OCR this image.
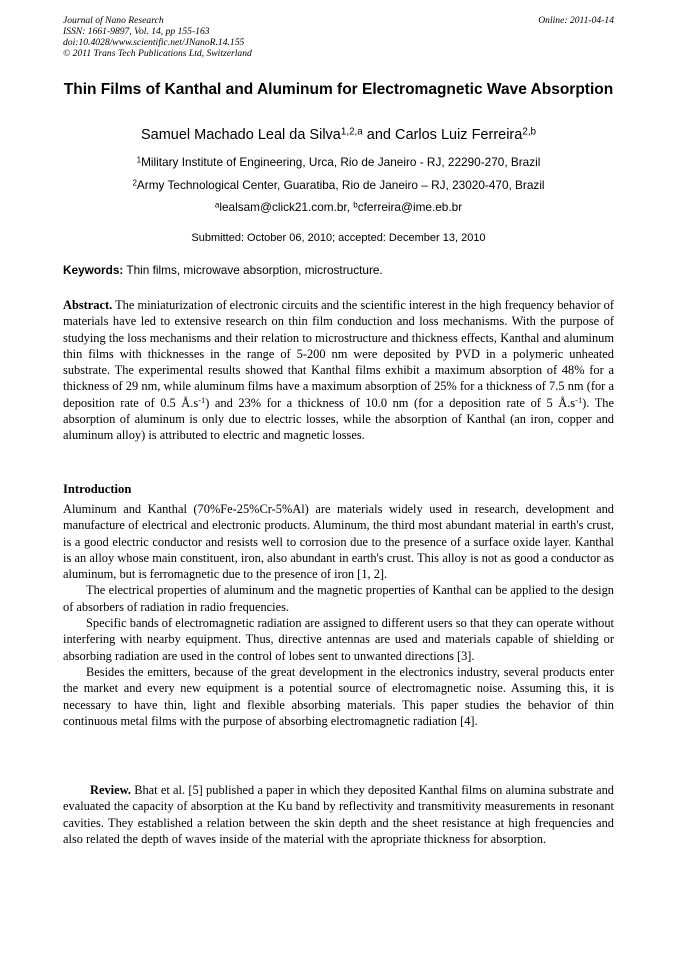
Journal of Nano Research
ISSN: 1661-9897, Vol. 14, pp 155-163
doi:10.4028/www.scientific.net/JNanoR.14.155
© 2011 Trans Tech Publications Ltd, Switzerland
Online: 2011-04-14
Thin Films of Kanthal and Aluminum for Electromagnetic Wave Absorption
Samuel Machado Leal da Silva$^{1,2,a}$ and Carlos Luiz Ferreira$^{2,b}$
$^1$Military Institute of Engineering, Urca, Rio de Janeiro - RJ, 22290-270, Brazil
$^2$Army Technological Center, Guaratiba, Rio de Janeiro – RJ, 23020-470, Brazil
$^a$lealsam@click21.com.br, $^b$cferreira@ime.eb.br
Submitted: October 06, 2010; accepted: December 13, 2010
Keywords: Thin films, microwave absorption, microstructure.
Abstract. The miniaturization of electronic circuits and the scientific interest in the high frequency behavior of materials have led to extensive research on thin film conduction and loss mechanisms. With the purpose of studying the loss mechanisms and their relation to microstructure and thickness effects, Kanthal and aluminum thin films with thicknesses in the range of 5-200 nm were deposited by PVD in a polymeric unheated substrate. The experimental results showed that Kanthal films exhibit a maximum absorption of 48% for a thickness of 29 nm, while aluminum films have a maximum absorption of 25% for a thickness of 7.5 nm (for a deposition rate of 0.5 $Å.s^{-1}$) and 23% for a thickness of 10.0 nm (for a deposition rate of 5 $Å.s^{-1}$). The absorption of aluminum is only due to electric losses, while the absorption of Kanthal (an iron, copper and aluminum alloy) is attributed to electric and magnetic losses.
Introduction

Aluminum and Kanthal (70%Fe-25%Cr-5%Al) are materials widely used in research, development and manufacture of electrical and electronic products. Aluminum, the third most abundant material in earth's crust, is a good electric conductor and resists well to corrosion due to the presence of a surface oxide layer. Kanthal is an alloy whose main constituent, iron, also abundant in earth's crust. This alloy is not as good a conductor as aluminum, but is ferromagnetic due to the presence of iron [1, 2].

The electrical properties of aluminum and the magnetic properties of Kanthal can be applied to the design of absorbers of radiation in radio frequencies.

Specific bands of electromagnetic radiation are assigned to different users so that they can operate without interfering with nearby equipment. Thus, directive antennas are used and materials capable of shielding or absorbing radiation are used in the control of lobes sent to unwanted directions [3].

Besides the emitters, because of the great development in the electronics industry, several products enter the market and every new equipment is a potential source of electromagnetic noise. Assuming this, it is necessary to have thin, light and flexible absorbing materials. This paper studies the behavior of thin continuous metal films with the purpose of absorbing electromagnetic radiation [4].

Review. Bhat et al. [5] published a paper in which they deposited Kanthal films on alumina substrate and evaluated the capacity of absorption at the Ku band by reflectivity and transmitivity measurements in resonant cavities. They established a relation between the skin depth and the sheet resistance at high frequencies and also related the depth of waves inside of the material with the apropriate thickness for absorption.
